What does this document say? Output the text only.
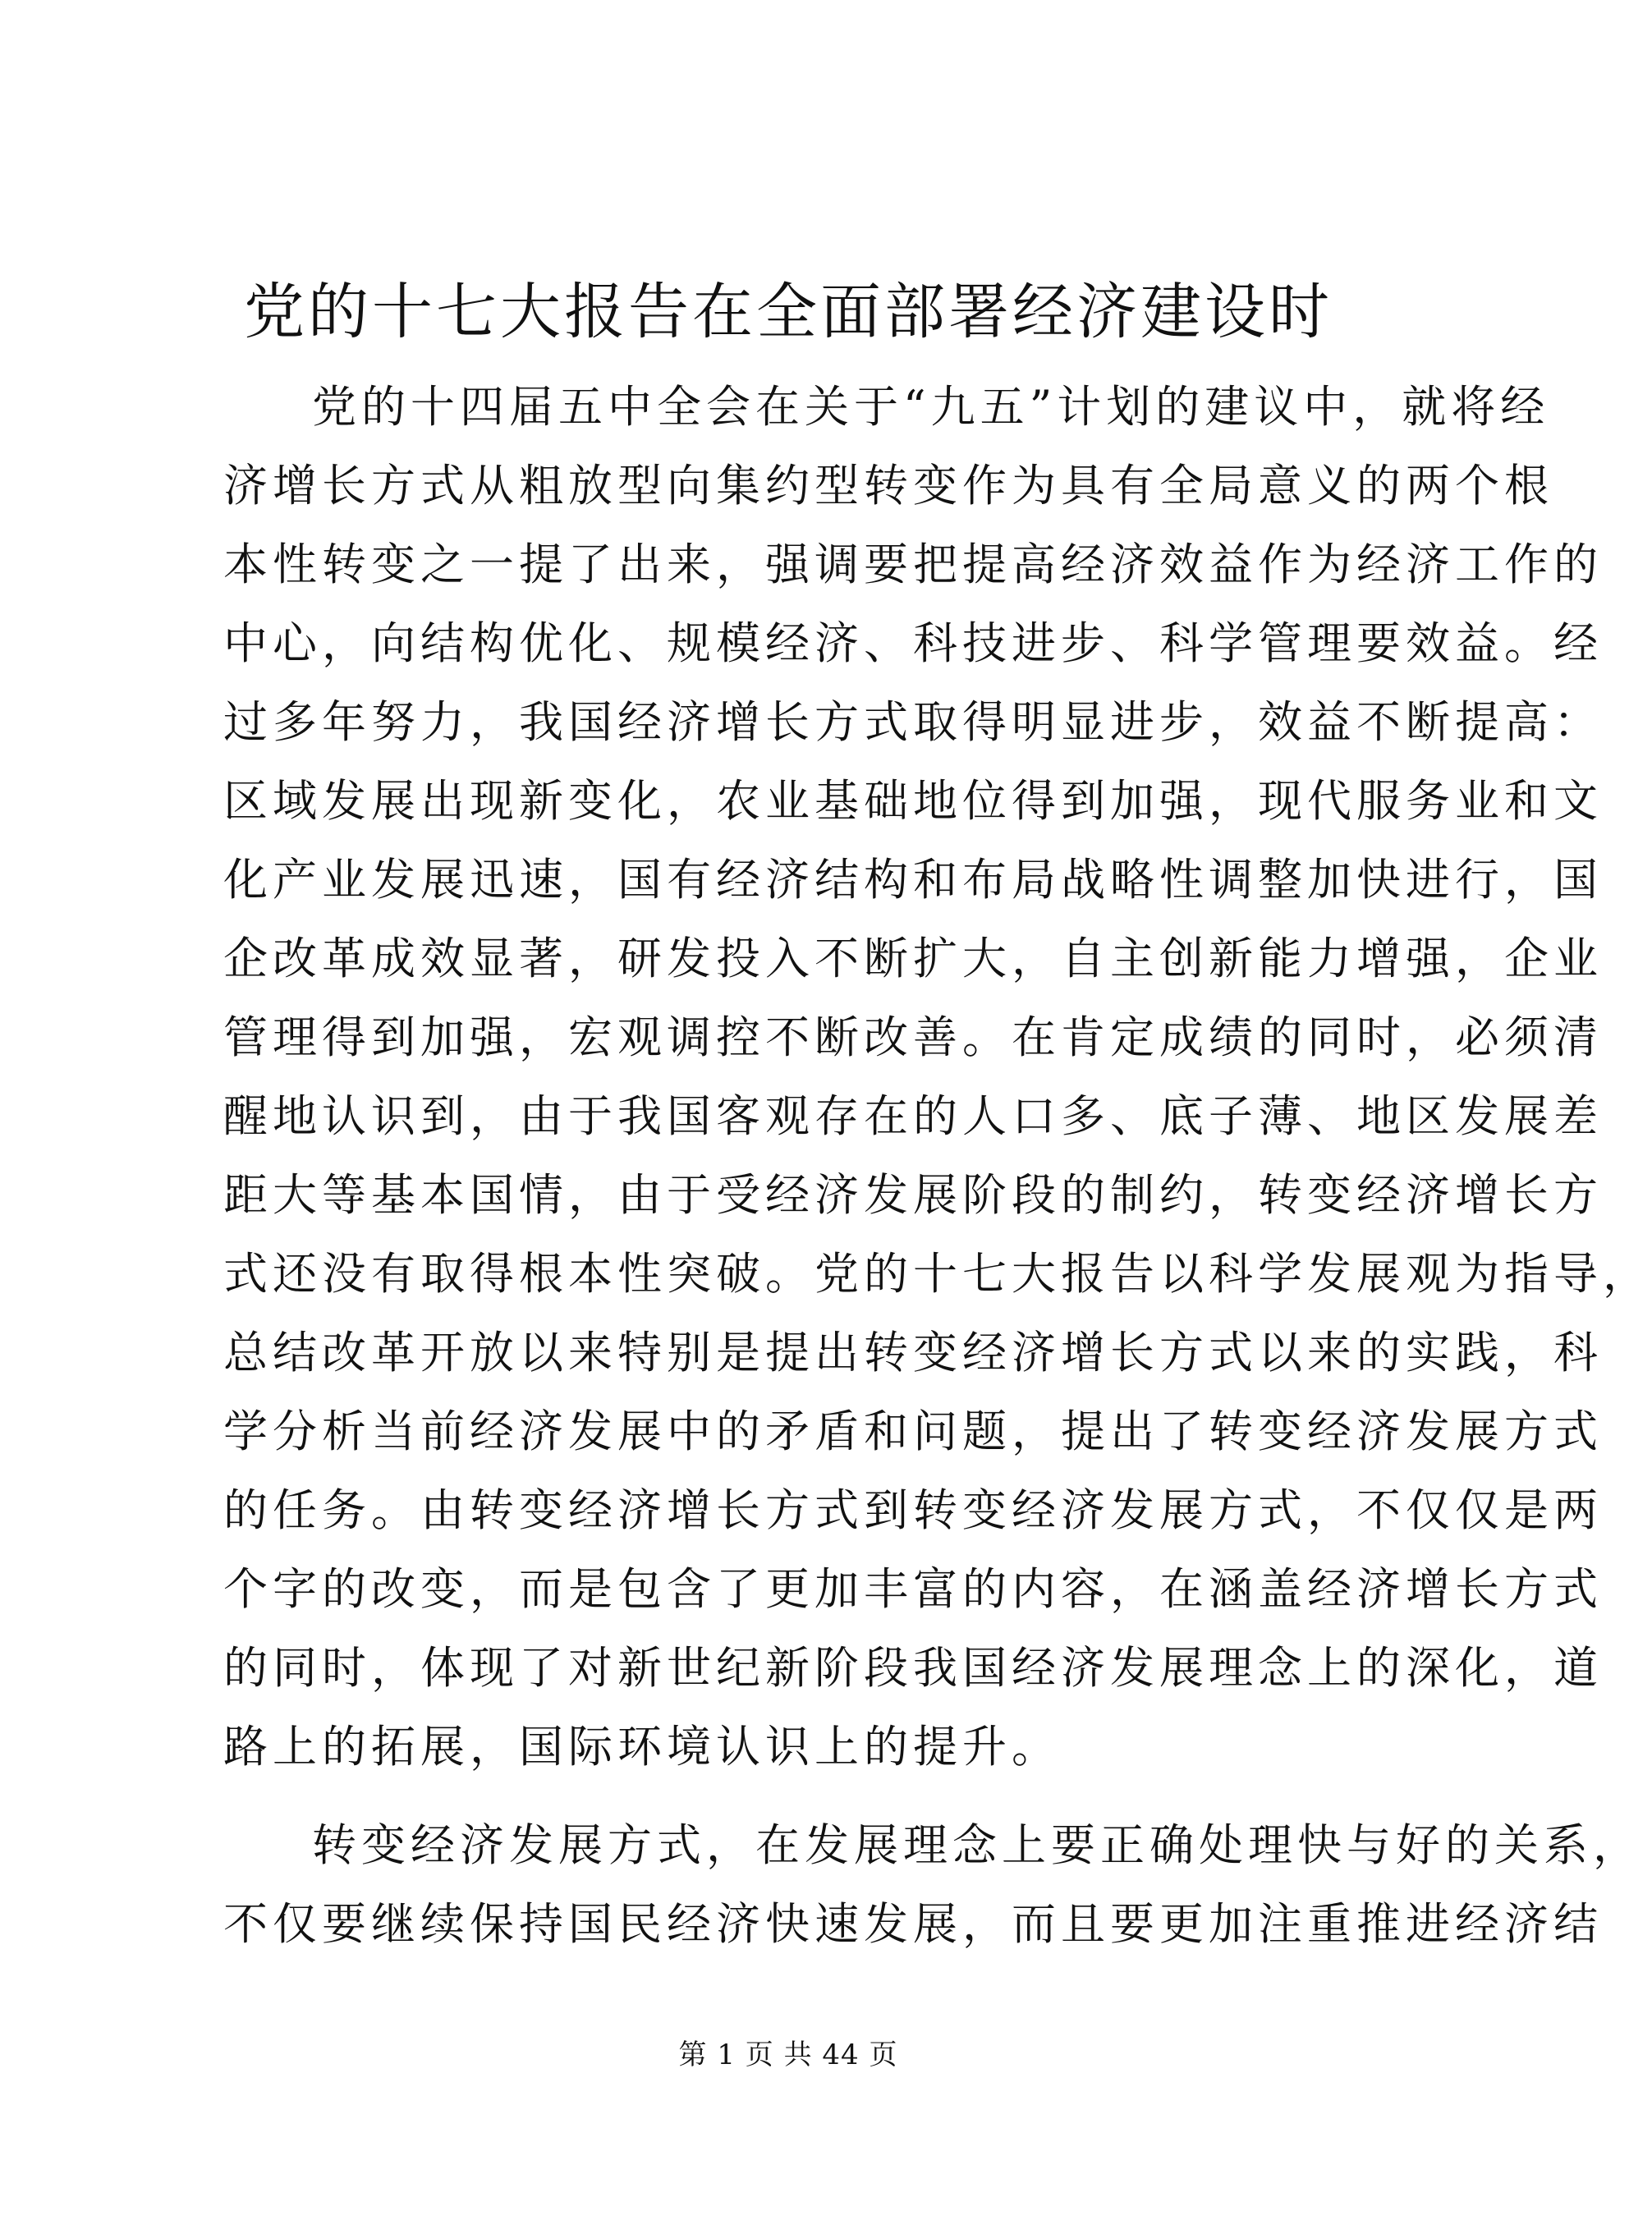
党的十七大报告在全面部署经济建设时

党的十四届五中全会在关于“九五”计划的建议中，就将经
济增长方式从粗放型向集约型转变作为具有全局意义的两个根
本性转变之一提了出来，强调要把提高经济效益作为经济工作的
中心，向结构优化、规模经济、科技进步、科学管理要效益。经
过多年努力，我国经济增长方式取得明显进步，效益不断提高：
区域发展出现新变化，农业基础地位得到加强，现代服务业和文
化产业发展迅速，国有经济结构和布局战略性调整加快进行，国
企改革成效显著，研发投入不断扩大，自主创新能力增强，企业
管理得到加强，宏观调控不断改善。在肯定成绩的同时，必须清
醒地认识到，由于我国客观存在的人口多、底子薄、地区发展差
距大等基本国情，由于受经济发展阶段的制约，转变经济增长方
式还没有取得根本性突破。党的十七大报告以科学发展观为指导，
总结改革开放以来特别是提出转变经济增长方式以来的实践，科
学分析当前经济发展中的矛盾和问题，提出了转变经济发展方式
的任务。由转变经济增长方式到转变经济发展方式，不仅仅是两
个字的改变，而是包含了更加丰富的内容，在涵盖经济增长方式
的同时，体现了对新世纪新阶段我国经济发展理念上的深化，道
路上的拓展，国际环境认识上的提升。

转变经济发展方式，在发展理念上要正确处理快与好的关系，
不仅要继续保持国民经济快速发展，而且要更加注重推进经济结

第 1 页 共 44 页
